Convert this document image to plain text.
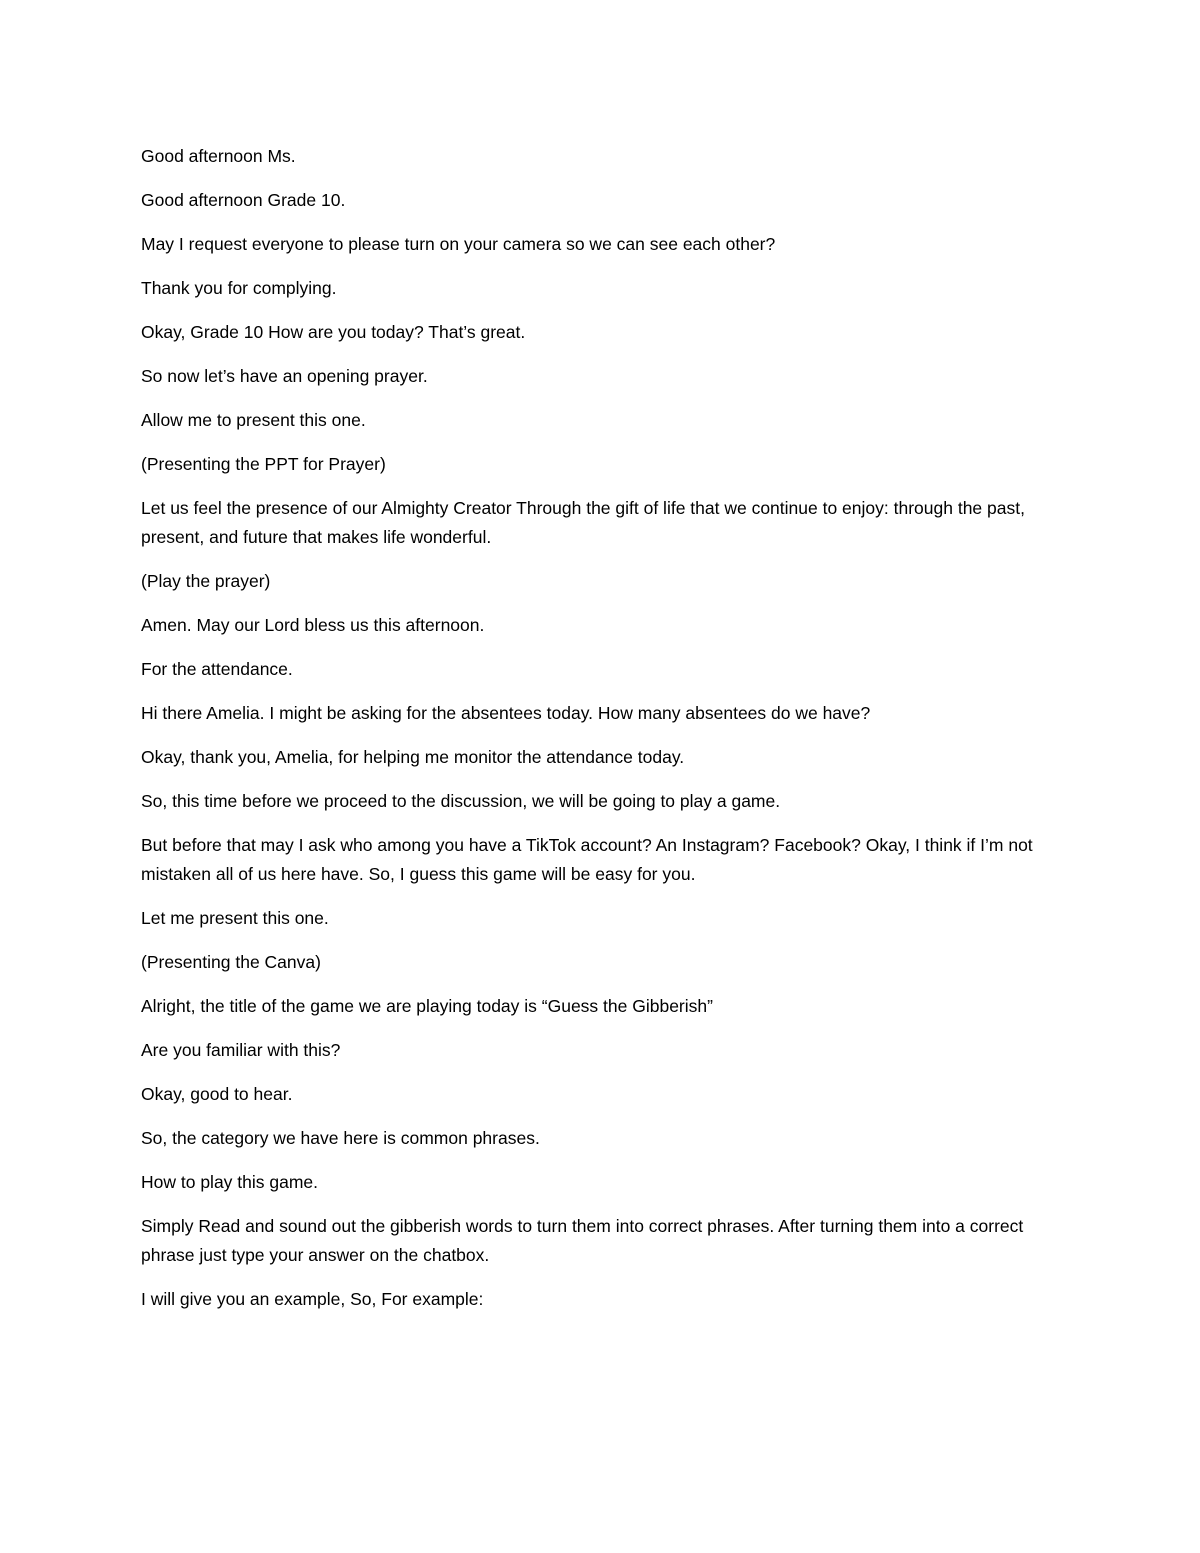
Good afternoon Ms.

Good afternoon Grade 10.

May I request everyone to please turn on your camera so we can see each other?

Thank you for complying.

Okay, Grade 10 How are you today? That’s great.

So now let’s have an opening prayer.

Allow me to present this one.

(Presenting the PPT for Prayer)

Let us feel the presence of our Almighty Creator Through the gift of life that we continue to enjoy: through the past, present, and future that makes life wonderful.

(Play the prayer)

Amen. May our Lord bless us this afternoon.

For the attendance.

Hi there Amelia. I might be asking for the absentees today. How many absentees do we have?

Okay, thank you, Amelia, for helping me monitor the attendance today.

So, this time before we proceed to the discussion, we will be going to play a game.

But before that may I ask who among you have a TikTok account? An Instagram? Facebook? Okay, I think if I’m not mistaken all of us here have. So, I guess this game will be easy for you.

Let me present this one.

(Presenting the Canva)

Alright, the title of the game we are playing today is “Guess the Gibberish”

Are you familiar with this?

Okay, good to hear.

So, the category we have here is common phrases.

How to play this game.

Simply Read and sound out the gibberish words to turn them into correct phrases. After turning them into a correct phrase just type your answer on the chatbox.

I will give you an example, So, For example:
